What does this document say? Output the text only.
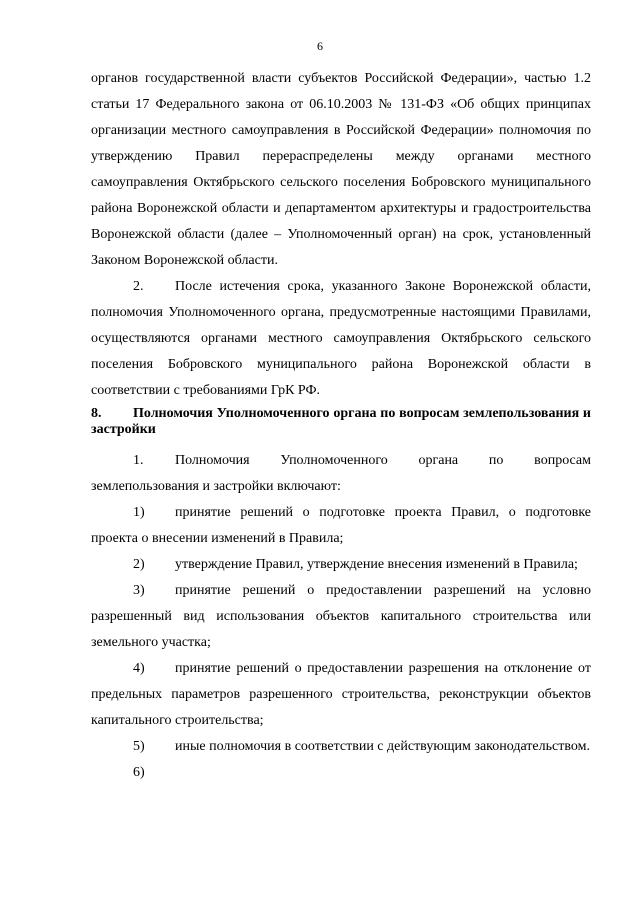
6

органов государственной власти субъектов Российской Федерации», частью 1.2 статьи 17 Федерального закона от 06.10.2003 № 131-ФЗ «Об общих принципах организации местного самоуправления в Российской Федерации» полномочия по утверждению Правил перераспределены между органами местного самоуправления Октябрьского сельского поселения Бобровского муниципального района Воронежской области и департаментом архитектуры и градостроительства Воронежской области (далее – Уполномоченный орган) на срок, установленный Законом Воронежской области.

2. После истечения срока, указанного Законе Воронежской области, полномочия Уполномоченного органа, предусмотренные настоящими Правилами, осуществляются органами местного самоуправления Октябрьского сельского поселения Бобровского муниципального района Воронежской области в соответствии с требованиями ГрК РФ.

8. Полномочия Уполномоченного органа по вопросам землепользования и застройки

1. Полномочия Уполномоченного органа по вопросам землепользования и застройки включают:

1) принятие решений о подготовке проекта Правил, о подготовке проекта о внесении изменений в Правила;

2) утверждение Правил, утверждение внесения изменений в Правила;

3) принятие решений о предоставлении разрешений на условно разрешенный вид использования объектов капитального строительства или земельного участка;

4) принятие решений о предоставлении разрешения на отклонение от предельных параметров разрешенного строительства, реконструкции объектов капитального строительства;

5) иные полномочия в соответствии с действующим законодательством.

6)
